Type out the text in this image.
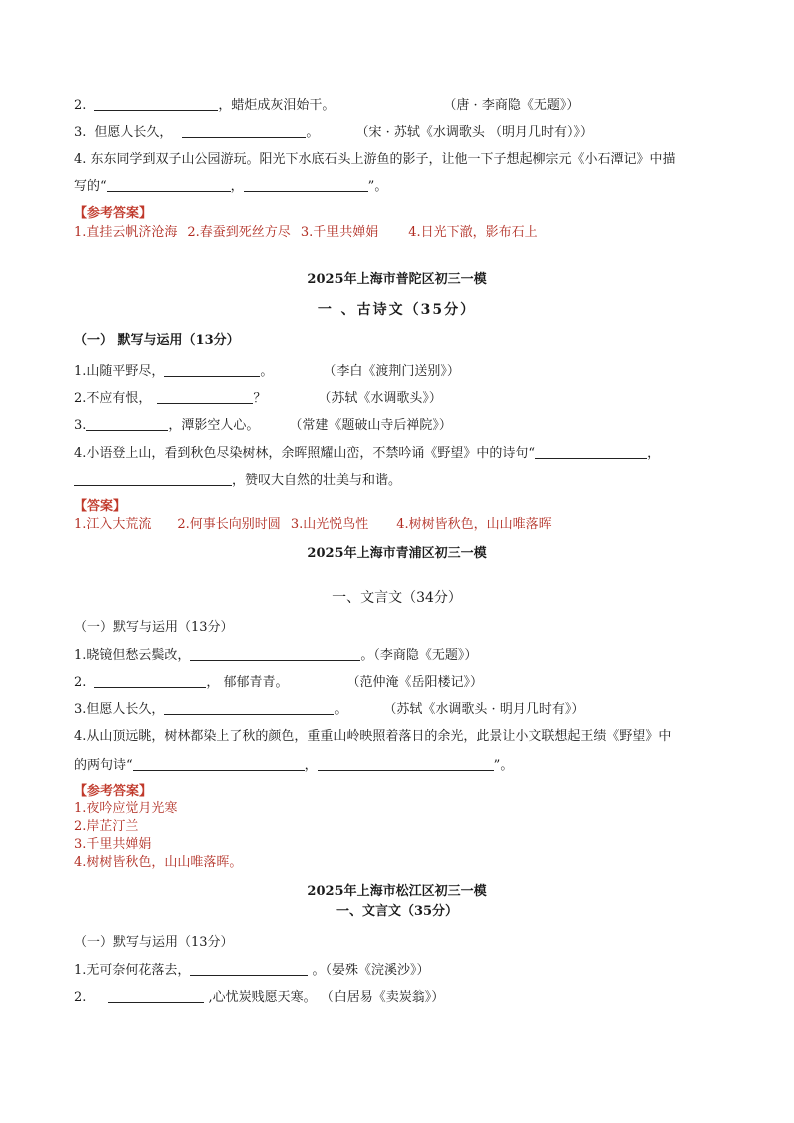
2.	，蜡炬成灰泪始干。	（唐 · 李商隐《无题》）
3. 但愿人长久，	。	（宋 · 苏轼《水调歌头 （明月几时有）》）
4. 东东同学到双子山公园游玩。阳光下水底石头上游鱼的影子，让他一下子想起柳宗元《小石潭记》中描
写的“	，	”。
【参考答案】
1.直挂云帆济沧海 2.春蚕到死丝方尽 3.千里共婵娟 4.日光下澈，影布石上
2025年上海市普陀区初三一模
一 、古诗文（35分）
（一） 默写与运用（13分）
1.山随平野尽，	。	（李白《渡荆门送别》）
2.不应有恨，	？	（苏轼《水调歌头》）
3.	，潭影空人心。 （常建《题破山寺后禅院》）
4.小语登上山，看到秋色尽染树林，余晖照耀山峦，不禁吟诵《野望》中的诗句“	，
，赞叹大自然的壮美与和谐。
【答案】
1.江入大荒流 2.何事长向别时圆 3.山光悦鸟性 4.树树皆秋色，山山唯落晖
2025年上海市青浦区初三一模
一、文言文（34分）
（一）默写与运用（13分）
1.晓镜但愁云鬓改，	。（李商隐《无题》）
2.	， 郁郁青青。	（范仲淹《岳阳楼记》）
3.但愿人长久，	。	（苏轼《水调歌头 · 明月几时有》）
4.从山顶远眺，树林都染上了秋的颜色，重重山岭映照着落日的余光，此景让小文联想起王绩《野望》中
的两句诗“	，	”。
【参考答案】
1.夜吟应觉月光寒
2.岸芷汀兰
3.千里共婵娟
4.树树皆秋色，山山唯落晖。
2025年上海市松江区初三一模
一、文言文（35分）
（一）默写与运用（13分）
1.无可奈何花落去，	。（晏殊《浣溪沙》）
2.	,心忧炭贱愿天寒。 （白居易《卖炭翁》）
